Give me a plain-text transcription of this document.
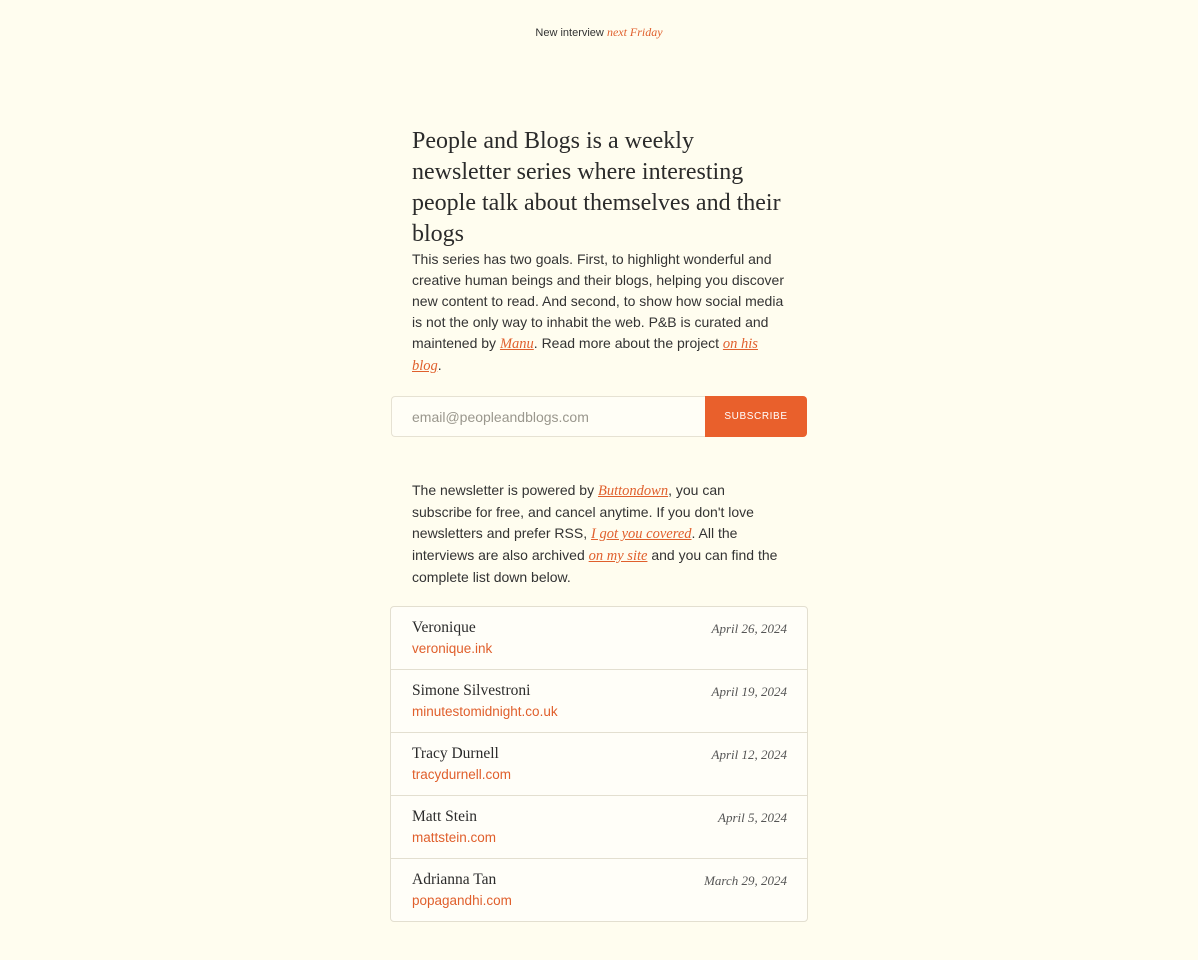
New interview next Friday
People and Blogs is a weekly newsletter series where interesting people talk about themselves and their blogs

This series has two goals. First, to highlight wonderful and creative human beings and their blogs, helping you discover new content to read. And second, to show how social media is not the only way to inhabit the web. P&B is curated and maintened by Manu. Read more about the project on his blog.

email@peopleandblogs.com
SUBSCRIBE

The newsletter is powered by Buttondown, you can subscribe for free, and cancel anytime. If you don't love newsletters and prefer RSS, I got you covered. All the interviews are also archived on my site and you can find the complete list down below.

Veronique
veronique.ink
April 26, 2024
Simone Silvestroni
minutestomidnight.co.uk
April 19, 2024
Tracy Durnell
tracydurnell.com
April 12, 2024
Matt Stein
mattstein.com
April 5, 2024
Adrianna Tan
popagandhi.com
March 29, 2024
